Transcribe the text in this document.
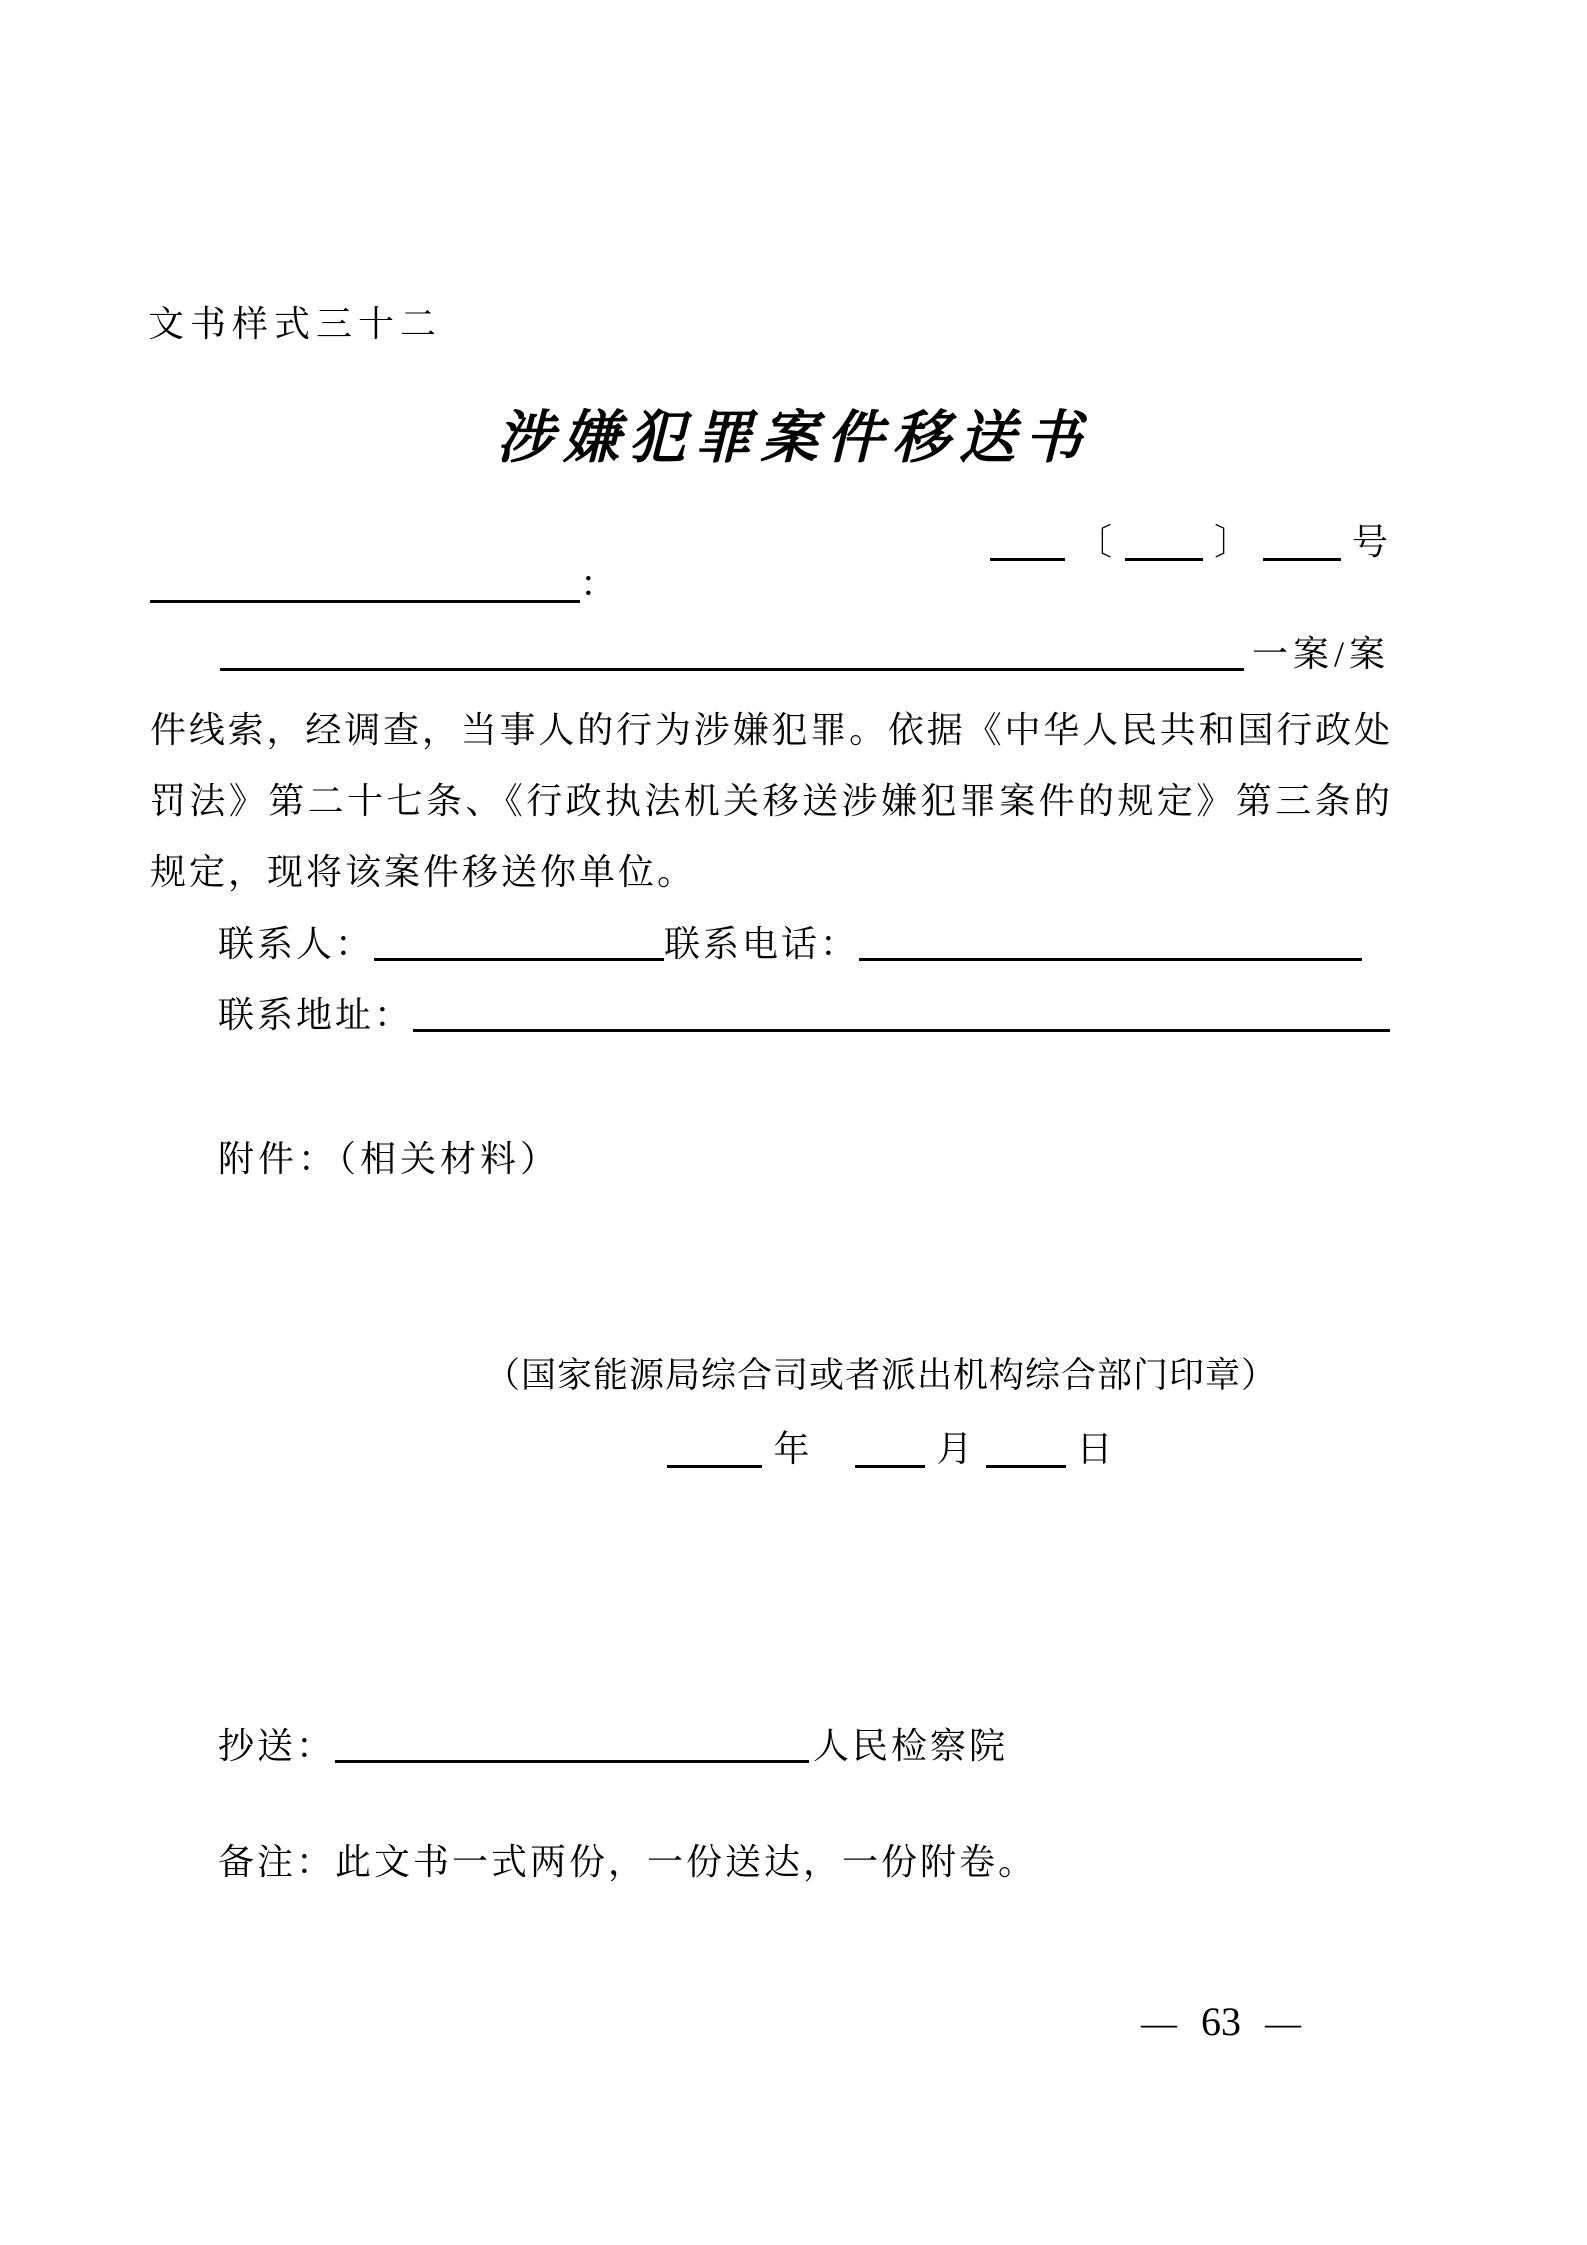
文书样式三十二
涉嫌犯罪案件移送书
〔	〕	号
：
一案/案
件线索，经调查，当事人的行为涉嫌犯罪。依据《中华人民共和国行政处
罚法》第二十七条、《行政执法机关移送涉嫌犯罪案件的规定》第三条的
规定，现将该案件移送你单位。
联系人：	联系电话：
联系地址：
附件：（相关材料）
（国家能源局综合司或者派出机构综合部门印章）
年	月	日
抄送：	人民检察院
备注：此文书一式两份，一份送达，一份附卷。
— 63 —
